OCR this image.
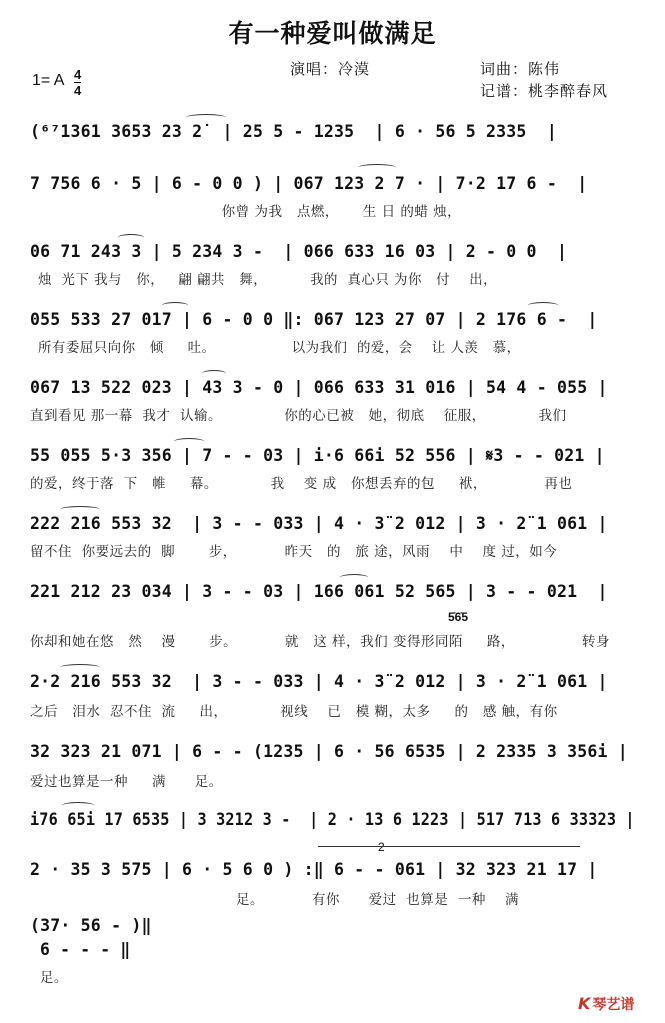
有一种爱叫做满足
演唱：冷漠	词曲：陈伟
记谱：桃李醉春风
1= A 4
4
(⁶⁷1361 3653 23 2̇  | 25 5 - 1235  | 6 · 56 5 2335  |
7 756 6 · 5 | 6 - 0 0 ) | 067 123 2 7 · | 7·2 17 6 -  |
你曾 为我   点燃，     生 日 的蜡 烛，
06 71 243 3 | 5 234 3 -  | 066 633 16 03 | 2 - 0 0  |
烛  光下 我与   你，   翩 翩共   舞，         我的  真心只 为你   付    出，
055 533 27 017 | 6 - 0 0 ‖: 067 123 27 07 | 2 176 6 -  |
所有委屈只向你   倾     吐。                以为我们  的爱，会    让 人羡   慕，
067 13 522 023 | 43 3 - 0 | 066 633 31 016 | 54 4 - 055 |
直到看见 那一幕  我才  认输。             你的心已被   她，彻底    征服，           我们
55 055 5·3 356 | 7 - - 03 | i·6 66i 52 556 | 𝄋3 - - 021 |
的爱，终于落  下   帷     幕。           我    变 成   你想丢弃的包     袱，            再也
222 216 553 32  | 3 - - 033 | 4 · 3̈ 2 012 | 3 · 2̈ 1 061 |
留不住  你要远去的  脚       步，          昨天   的   旅 途，风雨    中    度 过，如今
221 212 23 034 | 3 - - 03 | 166 061 52 565 | 3 - - 021  |
5̇6̇5
你却和她在悠   然    漫       步。          就   这 样，我们 变得形同陌     路，              转身
2·2 216 553 32  | 3 - - 033 | 4 · 3̈ 2 012 | 3 · 2̈ 1 061 |
之后   泪水  忍不住  流     出，           视线    已   模 糊，太多     的   感 触，有你
32 323 21 071 | 6 - - (1235 | 6 · 56 6535 | 2 2335 3 356i |
爱过也算是一种     满      足。
i76 65i 17 6535 | 3 3212 3 -  | 2 · 13 6 1223 | 517 713 6 33323 |
2
2 · 35 3 575 | 6 · 5 6 0 ) :‖ 6 - - 061 | 32 323 21 17 |
足。          有你      爱过  也算是  一种    满
(37· 56 - )‖
6 - - - ‖
足。
K 琴艺谱
